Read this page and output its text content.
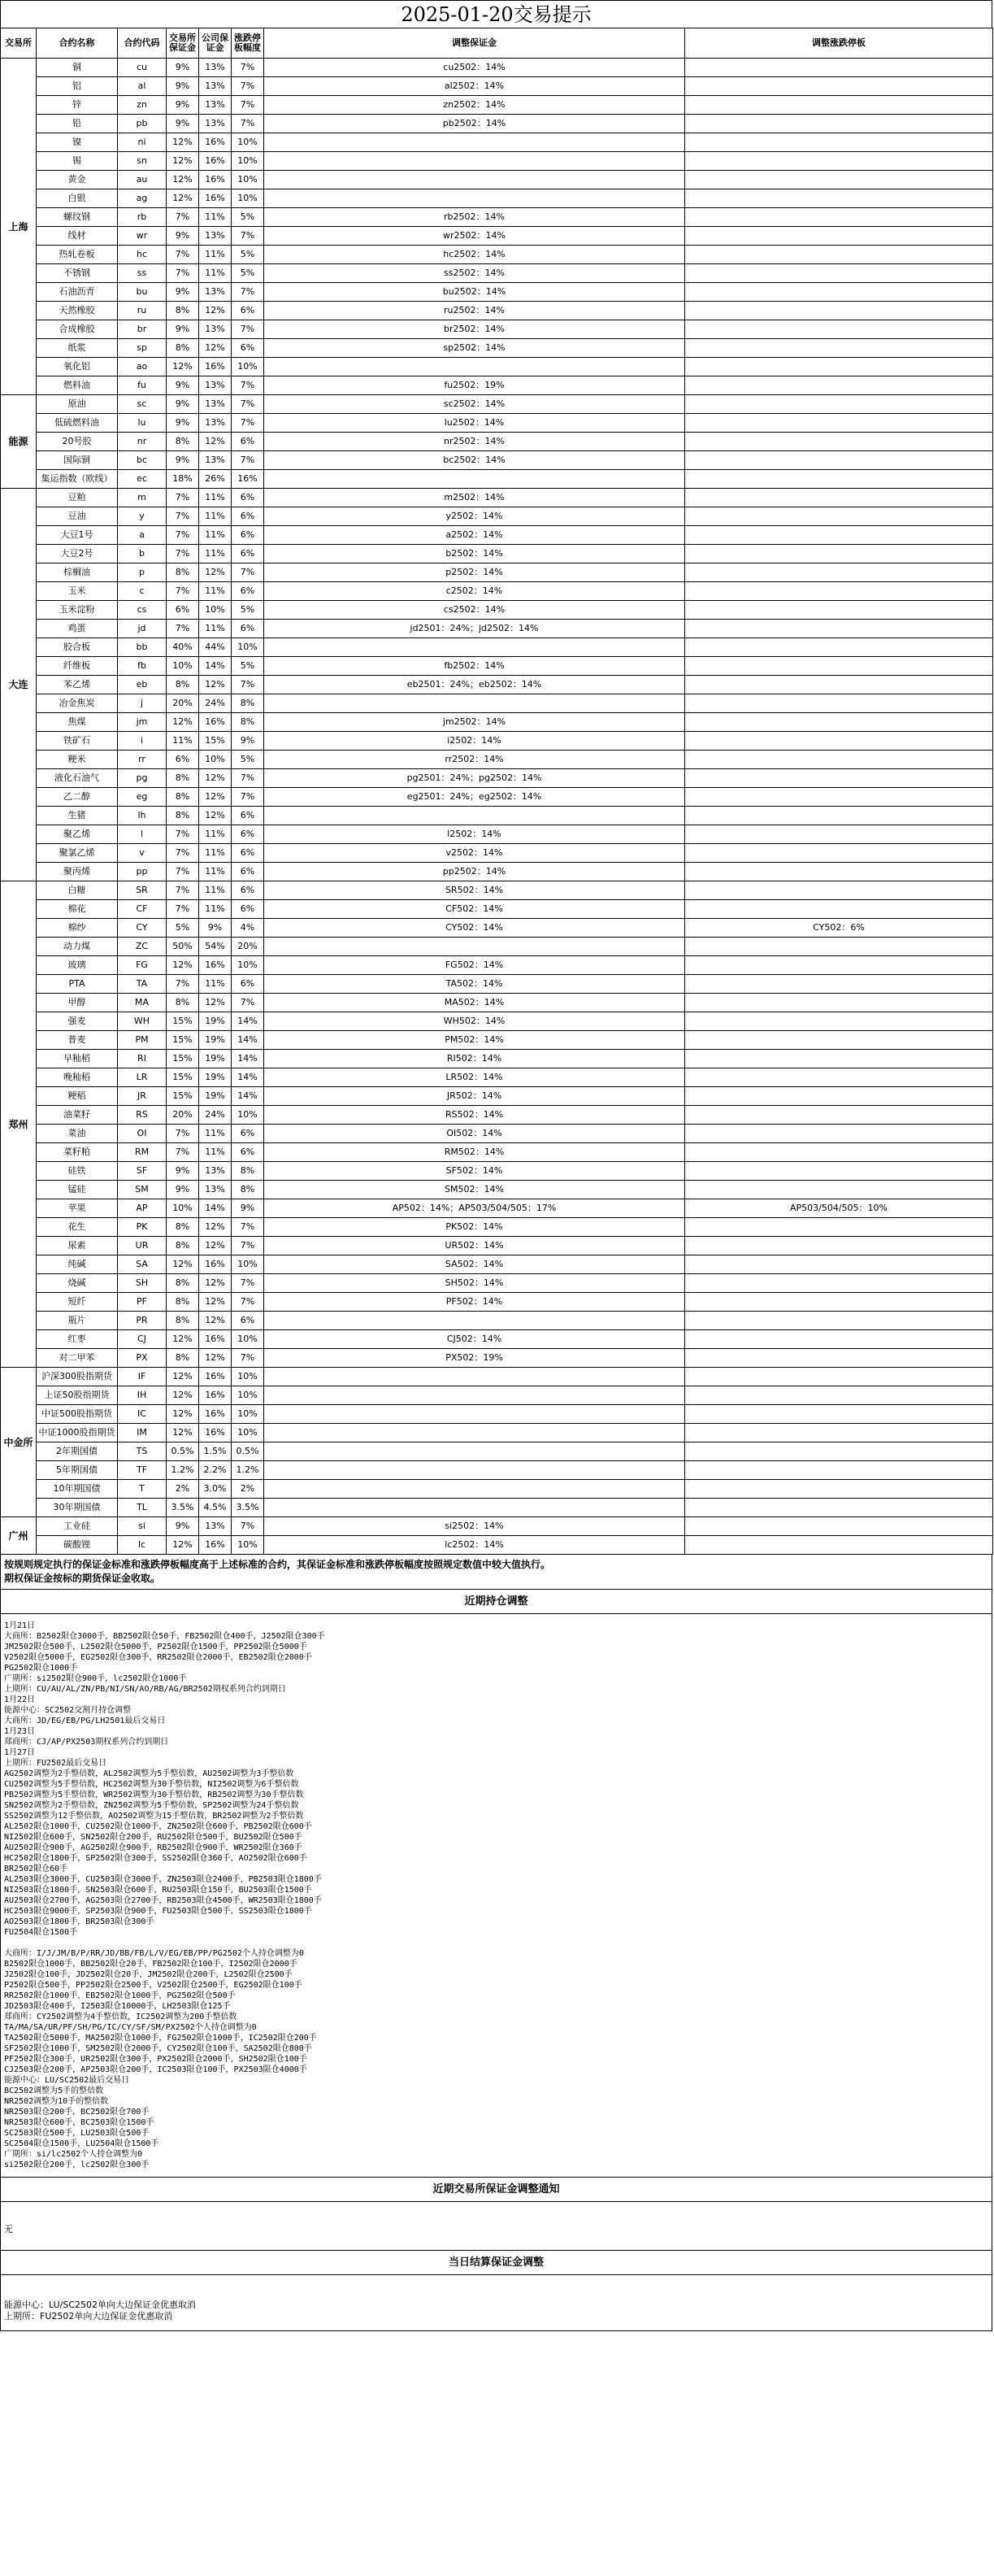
2025-01-20交易提示
交易所	合约名称	合约代码	交易所保证金	公司保证金	涨跌停板幅度	调整保证金	调整涨跌停板
上海	铜	cu	9%	13%	7%	cu2502：14%	
	铝	al	9%	13%	7%	al2502：14%	
	锌	zn	9%	13%	7%	zn2502：14%	
	铅	pb	9%	13%	7%	pb2502：14%	
	镍	ni	12%	16%	10%		
	锡	sn	12%	16%	10%		
	黄金	au	12%	16%	10%		
	白银	ag	12%	16%	10%		
	螺纹钢	rb	7%	11%	5%	rb2502：14%	
	线材	wr	9%	13%	7%	wr2502：14%	
	热轧卷板	hc	7%	11%	5%	hc2502：14%	
	不锈钢	ss	7%	11%	5%	ss2502：14%	
	石油沥青	bu	9%	13%	7%	bu2502：14%	
	天然橡胶	ru	8%	12%	6%	ru2502：14%	
	合成橡胶	br	9%	13%	7%	br2502：14%	
	纸浆	sp	8%	12%	6%	sp2502：14%	
	氧化铝	ao	12%	16%	10%		
	燃料油	fu	9%	13%	7%	fu2502：19%	
能源	原油	sc	9%	13%	7%	sc2502：14%	
	低硫燃料油	lu	9%	13%	7%	lu2502：14%	
	20号胶	nr	8%	12%	6%	nr2502：14%	
	国际铜	bc	9%	13%	7%	bc2502：14%	
	集运指数（欧线）	ec	18%	26%	16%		
大连	豆粕	m	7%	11%	6%	m2502：14%	
	豆油	y	7%	11%	6%	y2502：14%	
	大豆1号	a	7%	11%	6%	a2502：14%	
	大豆2号	b	7%	11%	6%	b2502：14%	
	棕榈油	p	8%	12%	7%	p2502：14%	
	玉米	c	7%	11%	6%	c2502：14%	
	玉米淀粉	cs	6%	10%	5%	cs2502：14%	
	鸡蛋	jd	7%	11%	6%	jd2501：24%；jd2502：14%	
	胶合板	bb	40%	44%	10%		
	纤维板	fb	10%	14%	5%	fb2502：14%	
	苯乙烯	eb	8%	12%	7%	eb2501：24%；eb2502：14%	
	冶金焦炭	j	20%	24%	8%		
	焦煤	jm	12%	16%	8%	jm2502：14%	
	铁矿石	i	11%	15%	9%	i2502：14%	
	粳米	rr	6%	10%	5%	rr2502：14%	
	液化石油气	pg	8%	12%	7%	pg2501：24%；pg2502：14%	
	乙二醇	eg	8%	12%	7%	eg2501：24%；eg2502：14%	
	生猪	lh	8%	12%	6%		
	聚乙烯	l	7%	11%	6%	l2502：14%	
	聚氯乙烯	v	7%	11%	6%	v2502：14%	
	聚丙烯	pp	7%	11%	6%	pp2502：14%	
郑州	白糖	SR	7%	11%	6%	SR502：14%	
	棉花	CF	7%	11%	6%	CF502：14%	
	棉纱	CY	5%	9%	4%	CY502：14%	CY502：6%
	动力煤	ZC	50%	54%	20%		
	玻璃	FG	12%	16%	10%	FG502：14%	
	PTA	TA	7%	11%	6%	TA502：14%	
	甲醇	MA	8%	12%	7%	MA502：14%	
	强麦	WH	15%	19%	14%	WH502：14%	
	普麦	PM	15%	19%	14%	PM502：14%	
	早籼稻	RI	15%	19%	14%	RI502：14%	
	晚籼稻	LR	15%	19%	14%	LR502：14%	
	粳稻	JR	15%	19%	14%	JR502：14%	
	油菜籽	RS	20%	24%	10%	RS502：14%	
	菜油	OI	7%	11%	6%	OI502：14%	
	菜籽粕	RM	7%	11%	6%	RM502：14%	
	硅铁	SF	9%	13%	8%	SF502：14%	
	锰硅	SM	9%	13%	8%	SM502：14%	
	苹果	AP	10%	14%	9%	AP502：14%；AP503/504/505：17%	AP503/504/505：10%
	花生	PK	8%	12%	7%	PK502：14%	
	尿素	UR	8%	12%	7%	UR502：14%	
	纯碱	SA	12%	16%	10%	SA502：14%	
	烧碱	SH	8%	12%	7%	SH502：14%	
	短纤	PF	8%	12%	7%	PF502：14%	
	瓶片	PR	8%	12%	6%		
	红枣	CJ	12%	16%	10%	CJ502：14%	
	对二甲苯	PX	8%	12%	7%	PX502：19%	
中金所	沪深300股指期货	IF	12%	16%	10%		
	上证50股指期货	IH	12%	16%	10%		
	中证500股指期货	IC	12%	16%	10%		
	中证1000股指期货	IM	12%	16%	10%		
	2年期国债	TS	0.5%	1.5%	0.5%		
	5年期国债	TF	1.2%	2.2%	1.2%		
	10年期国债	T	2%	3.0%	2%		
	30年期国债	TL	3.5%	4.5%	3.5%		
广州	工业硅	si	9%	13%	7%	si2502：14%	
	碳酸锂	lc	12%	16%	10%	lc2502：14%	
按规则规定执行的保证金标准和涨跌停板幅度高于上述标准的合约，其保证金标准和涨跌停板幅度按照规定数值中较大值执行。
期权保证金按标的期货保证金收取。
近期持仓调整
1月21日
大商所：B2502限仓3000手，BB2502限仓50手，FB2502限仓400手，J2502限仓300手
JM2502限仓500手，L2502限仓5000手，P2502限仓1500手，PP2502限仓5000手
V2502限仓5000手，EG2502限仓300手，RR2502限仓2000手，EB2502限仓2000手
PG2502限仓1000手
广期所：si2502限仓900手，lc2502限仓1000手
上期所：CU/AU/AL/ZN/PB/NI/SN/AO/RB/AG/BR2502期权系列合约到期日
1月22日
能源中心：SC2502交割月持仓调整
大商所：JD/EG/EB/PG/LH2501最后交易日
1月23日
郑商所：CJ/AP/PX2503期权系列合约到期日
1月27日
上期所：FU2502最后交易日
AG2502调整为2手整倍数，AL2502调整为5手整倍数，AU2502调整为3手整倍数
CU2502调整为5手整倍数，HC2502调整为30手整倍数，NI2502调整为6手整倍数
PB2502调整为5手整倍数，WR2502调整为30手整倍数，RB2502调整为30手整倍数
SN2502调整为2手整倍数，ZN2502调整为5手整倍数，SP2502调整为24手整倍数
SS2502调整为12手整倍数，AO2502调整为15手整倍数，BR2502调整为2手整倍数
AL2502限仓1000手，CU2502限仓1000手，ZN2502限仓600手，PB2502限仓600手
NI2502限仓600手，SN2502限仓200手，RU2502限仓500手，BU2502限仓500手
AU2502限仓900手，AG2502限仓900手，RB2502限仓900手，WR2502限仓360手
HC2502限仓1800手，SP2502限仓300手，SS2502限仓360手，AO2502限仓600手
BR2502限仓60手
AL2503限仓3000手，CU2503限仓3000手，ZN2503限仓2400手，PB2503限仓1800手
NI2503限仓1800手，SN2503限仓600手，RU2503限仓150手，BU2503限仓1500手
AU2503限仓2700手，AG2503限仓2700手，RB2503限仓4500手，WR2503限仓1800手
HC2503限仓9000手，SP2503限仓900手，FU2503限仓500手，SS2503限仓1800手
AO2503限仓1800手，BR2503限仓300手
FU2504限仓1500手

大商所：I/J/JM/B/P/RR/JD/BB/FB/L/V/EG/EB/PP/PG2502个人持仓调整为0
B2502限仓1000手，BB2502限仓20手，FB2502限仓100手，I2502限仓2000手
J2502限仓100手，JD2502限仓20手，JM2502限仓200手，L2502限仓2500手
P2502限仓500手，PP2502限仓2500手，V2502限仓2500手，EG2502限仓100手
RR2502限仓1000手，EB2502限仓1000手，PG2502限仓500手
JD2503限仓400手，I2503限仓10000手，LH2503限仓125手
郑商所：CY2502调整为4手整倍数，IC2502调整为200手整倍数
TA/MA/SA/UR/PF/SH/PG/IC/CY/SF/SM/PX2502个人持仓调整为0
TA2502限仓5000手，MA2502限仓1000手，FG2502限仓1000手，IC2502限仓200手
SF2502限仓1000手，SM2502限仓2000手，CY2502限仓100手，SA2502限仓800手
PF2502限仓300手，UR2502限仓300手，PX2502限仓2000手，SH2502限仓100手
CJ2503限仓200手，AP2503限仓200手，IC2503限仓100手，PX2503限仓4000手
能源中心：LU/SC2502最后交易日
BC2502调整为5手的整倍数
NR2502调整为10手的整倍数
NR2503限仓200手，BC2502限仓700手
NR2503限仓600手，BC2503限仓1500手
SC2503限仓500手，LU2503限仓500手
SC2504限仓1500手，LU2504限仓1500手
广期所：si/lc2502个人持仓调整为0
si2502限仓200手，lc2502限仓300手
近期交易所保证金调整通知
无
当日结算保证金调整
能源中心：LU/SC2502单向大边保证金优惠取消
上期所：FU2502单向大边保证金优惠取消
